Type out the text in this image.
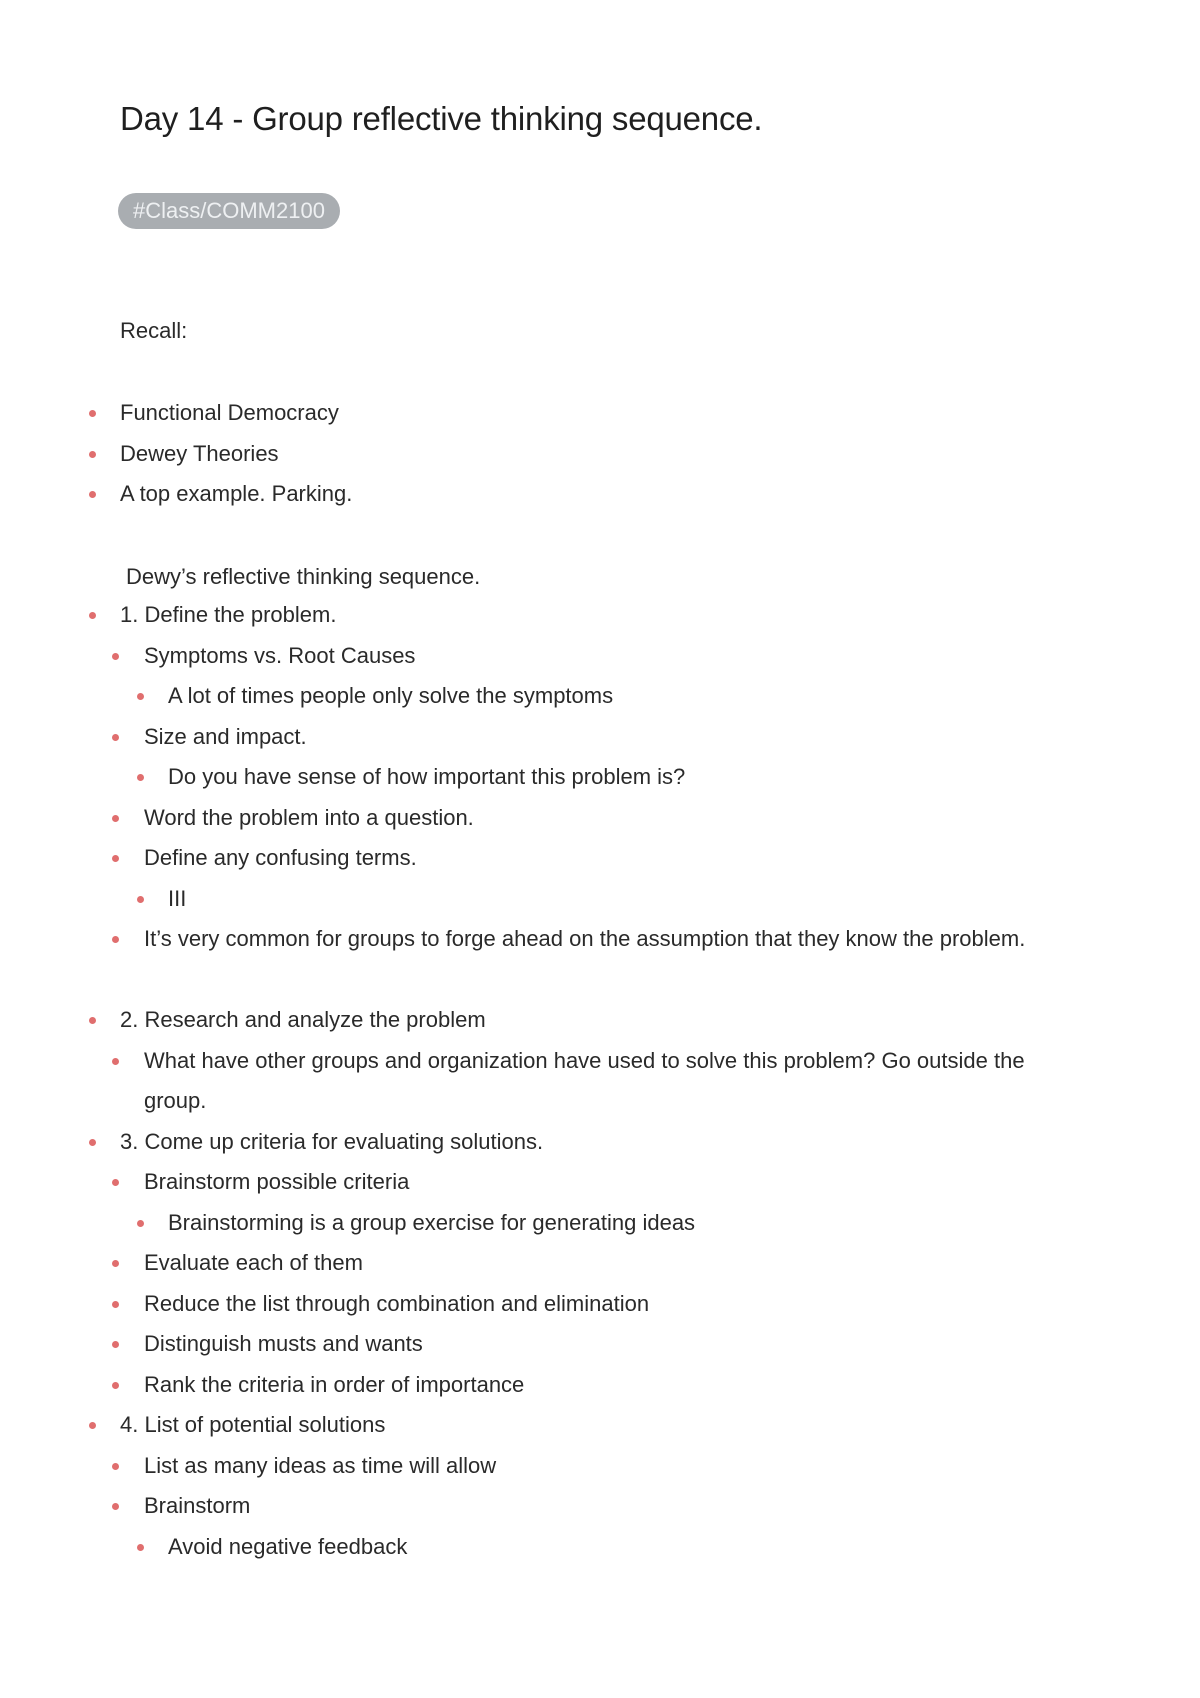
Day 14 - Group reflective thinking sequence.
#Class/COMM2100
Recall:
Functional Democracy
Dewey Theories
A top example. Parking.
Dewy’s reflective thinking sequence.
1. Define the problem.
Symptoms vs. Root Causes
A lot of times people only solve the symptoms
Size and impact.
Do you have sense of how important this problem is?
Word the problem into a question.
Define any confusing terms.
III
It’s very common for groups to forge ahead on the assumption that they know the problem.
2. Research and analyze the problem
What have other groups and organization have used to solve this problem? Go outside the group.
3. Come up criteria for evaluating solutions.
Brainstorm possible criteria
Brainstorming is a group exercise for generating ideas
Evaluate each of them
Reduce the list through combination and elimination
Distinguish musts and wants
Rank the criteria in order of importance
4. List of potential solutions
List as many ideas as time will allow
Brainstorm
Avoid negative feedback
